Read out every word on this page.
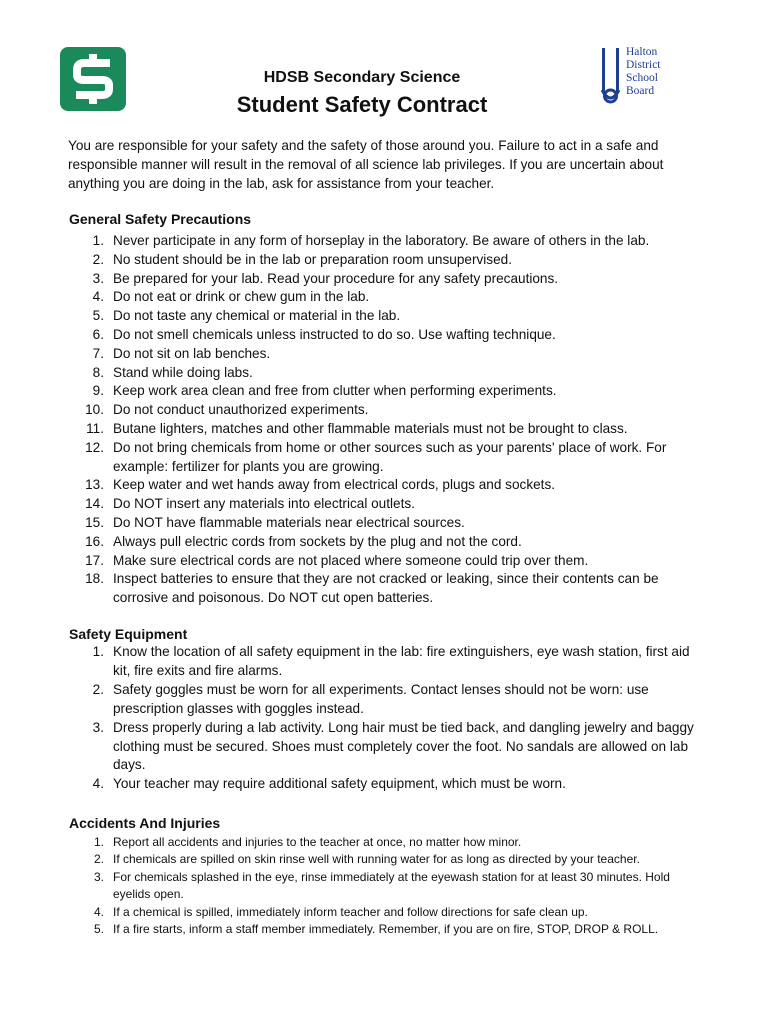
HDSB Secondary Science
Student Safety Contract
Halton
District
School
Board

You are responsible for your safety and the safety of those around you. Failure to act in a safe and responsible manner will result in the removal of all science lab privileges. If you are uncertain about anything you are doing in the lab, ask for assistance from your teacher.

General Safety Precautions
1. Never participate in any form of horseplay in the laboratory. Be aware of others in the lab.
2. No student should be in the lab or preparation room unsupervised.
3. Be prepared for your lab. Read your procedure for any safety precautions.
4. Do not eat or drink or chew gum in the lab.
5. Do not taste any chemical or material in the lab.
6. Do not smell chemicals unless instructed to do so. Use wafting technique.
7. Do not sit on lab benches.
8. Stand while doing labs.
9. Keep work area clean and free from clutter when performing experiments.
10. Do not conduct unauthorized experiments.
11. Butane lighters, matches and other flammable materials must not be brought to class.
12. Do not bring chemicals from home or other sources such as your parents' place of work. For example: fertilizer for plants you are growing.
13. Keep water and wet hands away from electrical cords, plugs and sockets.
14. Do NOT insert any materials into electrical outlets.
15. Do NOT have flammable materials near electrical sources.
16. Always pull electric cords from sockets by the plug and not the cord.
17. Make sure electrical cords are not placed where someone could trip over them.
18. Inspect batteries to ensure that they are not cracked or leaking, since their contents can be corrosive and poisonous. Do NOT cut open batteries.
Safety Equipment
1. Know the location of all safety equipment in the lab: fire extinguishers, eye wash station, first aid kit, fire exits and fire alarms.
2. Safety goggles must be worn for all experiments. Contact lenses should not be worn: use prescription glasses with goggles instead.
3. Dress properly during a lab activity. Long hair must be tied back, and dangling jewelry and baggy clothing must be secured. Shoes must completely cover the foot. No sandals are allowed on lab days.
4. Your teacher may require additional safety equipment, which must be worn.
Accidents And Injuries
1. Report all accidents and injuries to the teacher at once, no matter how minor.
2. If chemicals are spilled on skin rinse well with running water for as long as directed by your teacher.
3. For chemicals splashed in the eye, rinse immediately at the eyewash station for at least 30 minutes. Hold eyelids open.
4. If a chemical is spilled, immediately inform teacher and follow directions for safe clean up.
5. If a fire starts, inform a staff member immediately. Remember, if you are on fire, STOP, DROP & ROLL.
